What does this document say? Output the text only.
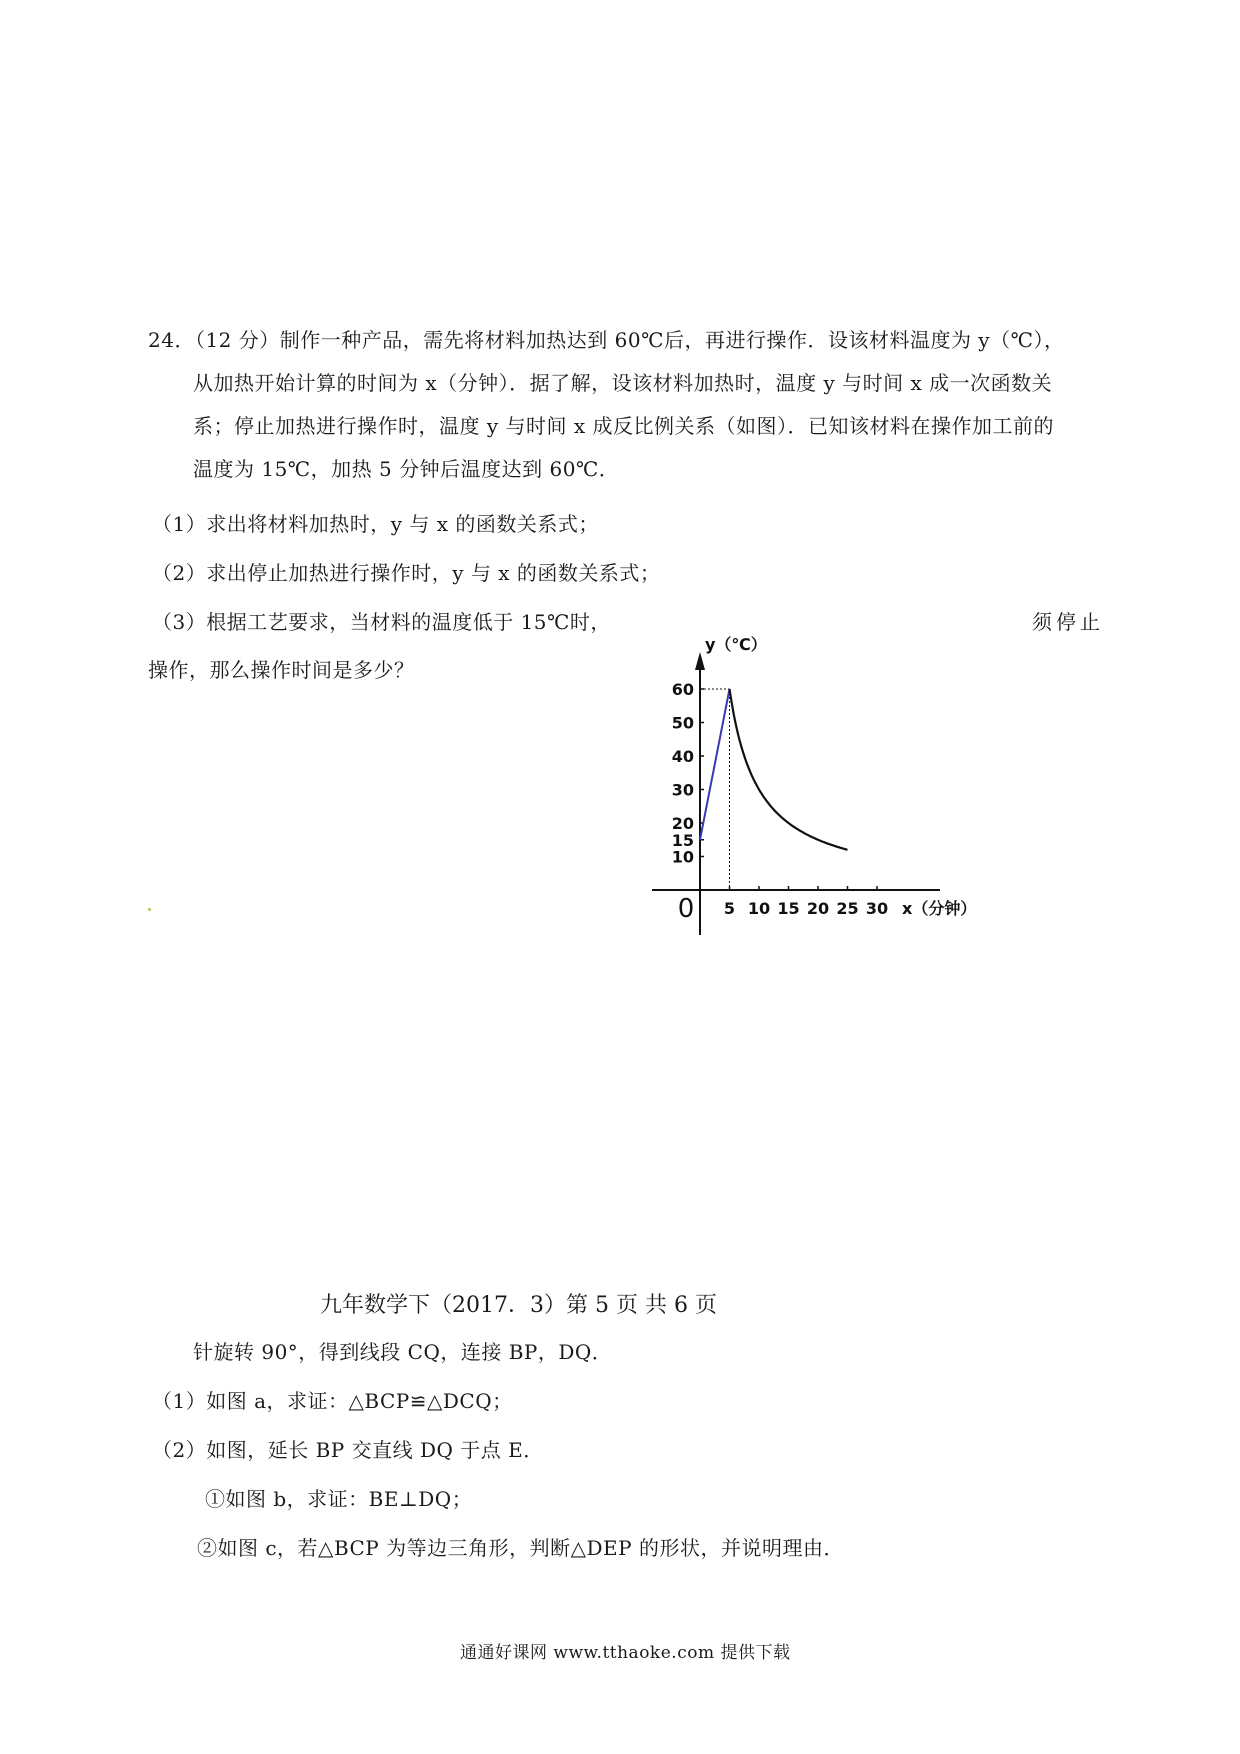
24．（12 分）制作一种产品，需先将材料加热达到 60℃后，再进行操作．设该材料温度为 y（℃），
从加热开始计算的时间为 x（分钟）．据了解，设该材料加热时，温度 y 与时间 x 成一次函数关
系；停止加热进行操作时，温度 y 与时间 x 成反比例关系（如图）．已知该材料在操作加工前的
温度为 15℃，加热 5 分钟后温度达到 60℃．
（1）求出将材料加热时，y 与 x 的函数关系式；
（2）求出停止加热进行操作时，y 与 x 的函数关系式；
（3）根据工艺要求，当材料的温度低于 15℃时，	须停止
操作，那么操作时间是多少？
10
15
20
30
40
50
60
5 10 15 20 25 30
0
y（℃）
x（分钟）
九年数学下（2017．3）第 5 页 共 6 页
针旋转 90°，得到线段 CQ，连接 BP，DQ．
（1）如图 a，求证：△BCP≌△DCQ；
（2）如图，延长 BP 交直线 DQ 于点 E．
①如图 b，求证：BE⊥DQ；
②如图 c，若△BCP 为等边三角形，判断△DEP 的形状，并说明理由．
通通好课网 www.tthaoke.com 提供下载
